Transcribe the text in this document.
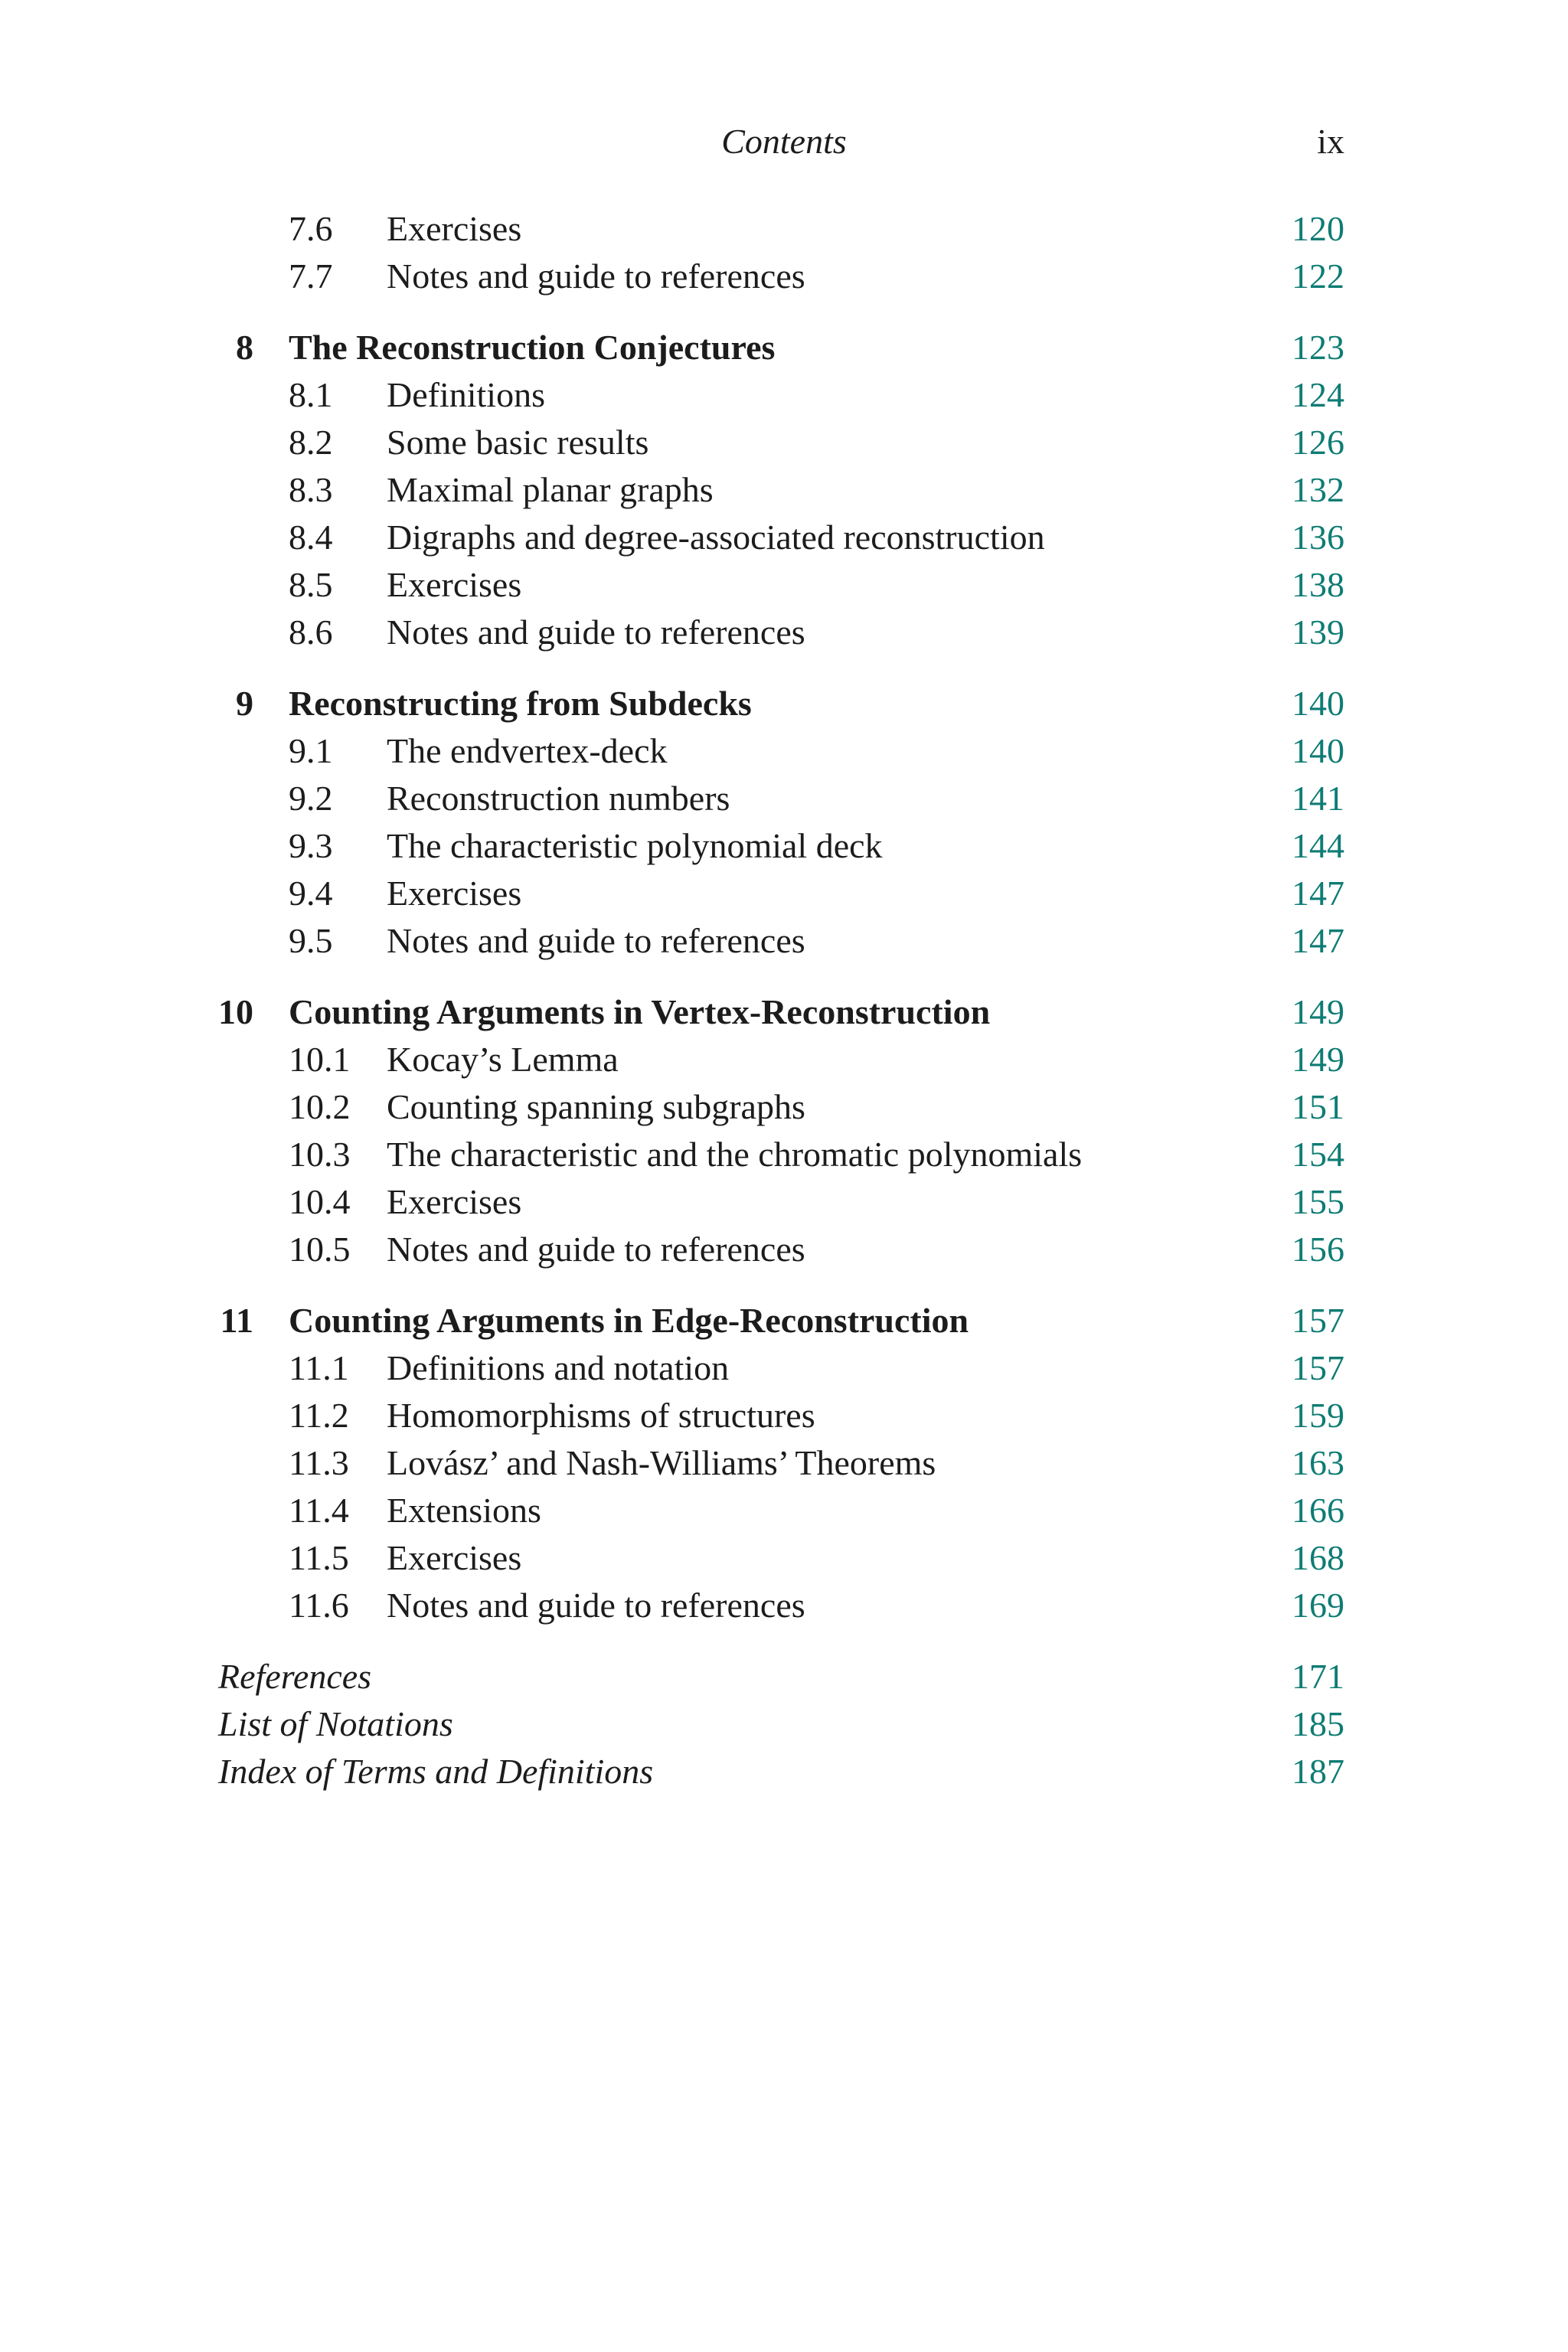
Contents	ix
7.6 Exercises	120
7.7 Notes and guide to references	122
8 The Reconstruction Conjectures	123
8.1 Definitions	124
8.2 Some basic results	126
8.3 Maximal planar graphs	132
8.4 Digraphs and degree-associated reconstruction	136
8.5 Exercises	138
8.6 Notes and guide to references	139
9 Reconstructing from Subdecks	140
9.1 The endvertex-deck	140
9.2 Reconstruction numbers	141
9.3 The characteristic polynomial deck	144
9.4 Exercises	147
9.5 Notes and guide to references	147
10 Counting Arguments in Vertex-Reconstruction	149
10.1 Kocay’s Lemma	149
10.2 Counting spanning subgraphs	151
10.3 The characteristic and the chromatic polynomials	154
10.4 Exercises	155
10.5 Notes and guide to references	156
11 Counting Arguments in Edge-Reconstruction	157
11.1 Definitions and notation	157
11.2 Homomorphisms of structures	159
11.3 Lovász’ and Nash-Williams’ Theorems	163
11.4 Extensions	166
11.5 Exercises	168
11.6 Notes and guide to references	169
References	171
List of Notations	185
Index of Terms and Definitions	187
